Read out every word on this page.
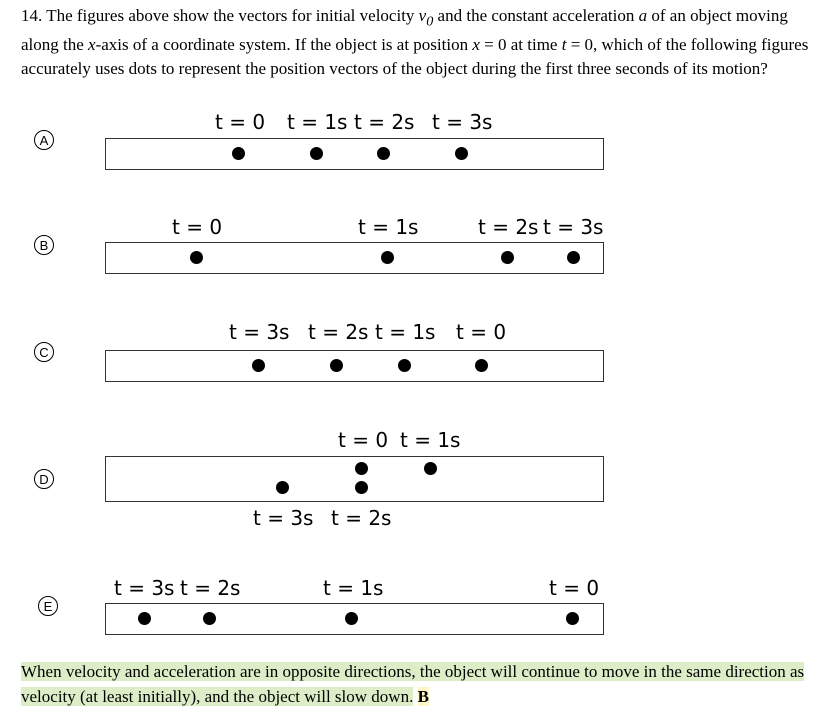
14. The figures above show the vectors for initial velocity $v_0$ and the constant acceleration a of an object moving along the x-axis of a coordinate system. If the object is at position x = 0 at time t = 0, which of the following figures accurately uses dots to represent the position vectors of the object during the first three seconds of its motion?
A
t = 0 t = 1s t = 2s t = 3s
B
t = 0	t = 1s	t = 2s t = 3s
C
t = 3s t = 2s t = 1s t = 0
D
t = 0 t = 1s
t = 3s t = 2s
E
t = 3s t = 2s	t = 1s	t = 0
When velocity and acceleration are in opposite directions, the object will continue to move in the same direction as velocity (at least initially), and the object will slow down. B
